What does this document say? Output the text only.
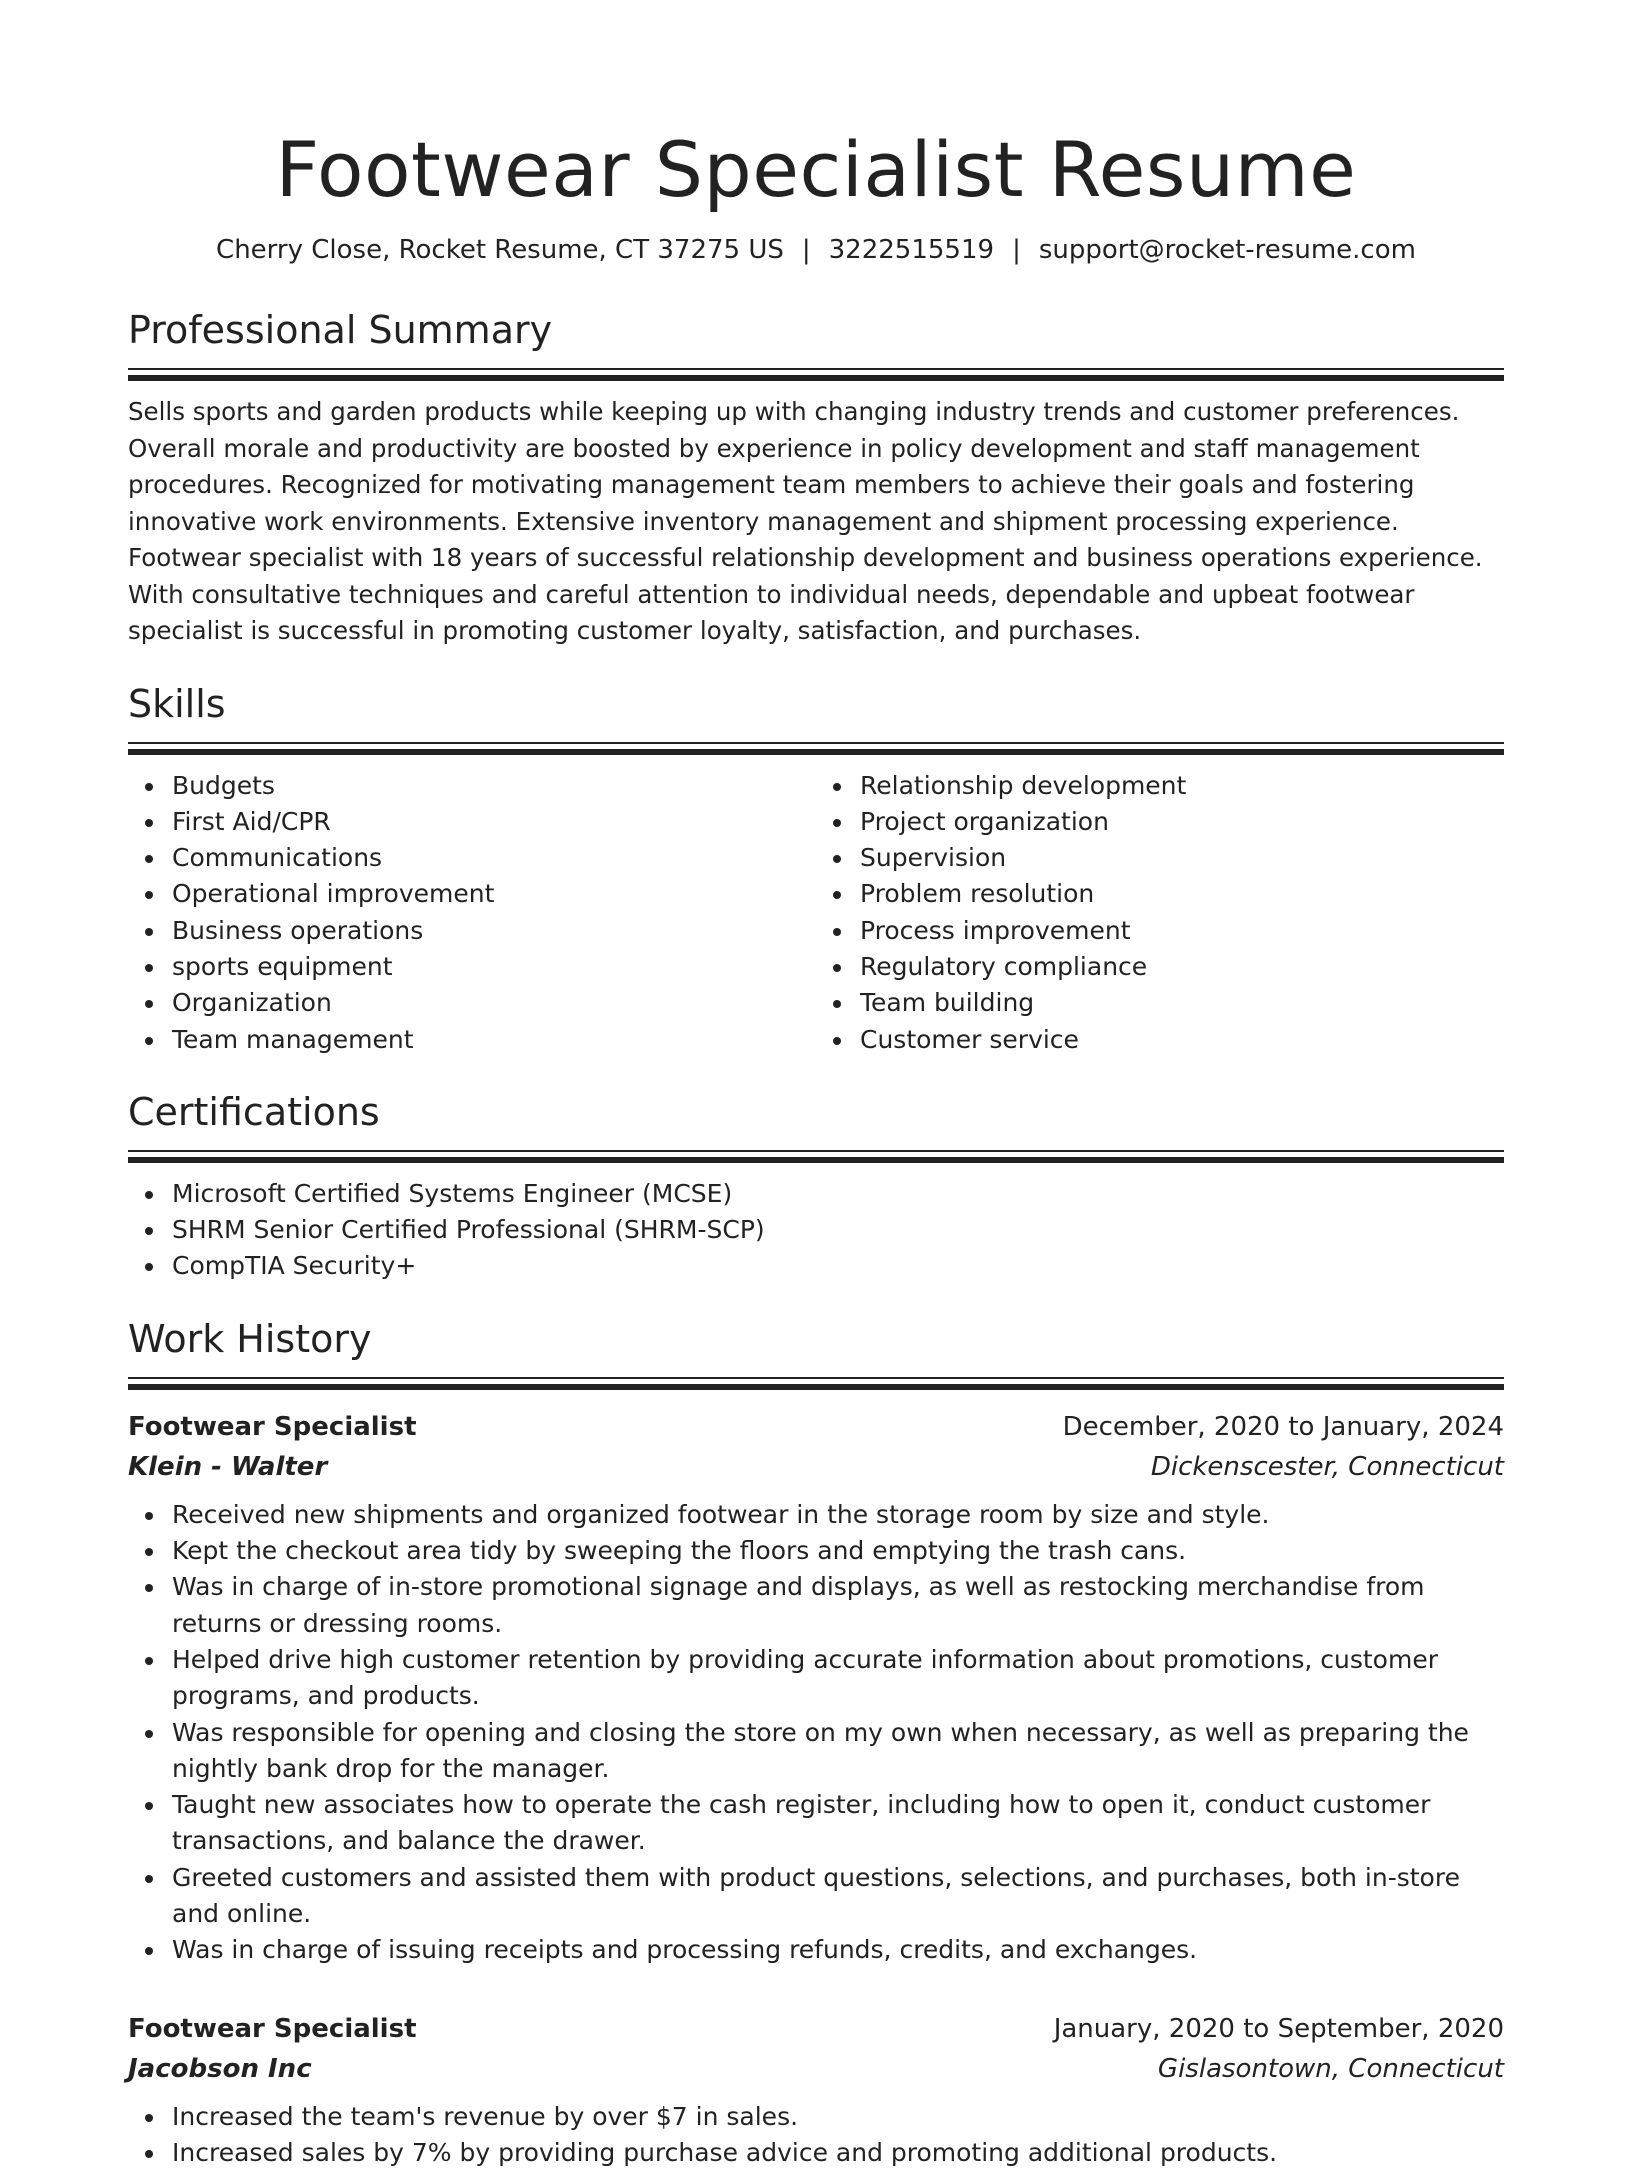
Footwear Specialist Resume
Cherry Close, Rocket Resume, CT 37275 US | 3222515519 | support@rocket-resume.com
Professional Summary
Sells sports and garden products while keeping up with changing industry trends and customer preferences. Overall morale and productivity are boosted by experience in policy development and staff management procedures. Recognized for motivating management team members to achieve their goals and fostering innovative work environments. Extensive inventory management and shipment processing experience. Footwear specialist with 18 years of successful relationship development and business operations experience. With consultative techniques and careful attention to individual needs, dependable and upbeat footwear specialist is successful in promoting customer loyalty, satisfaction, and purchases.
Skills
Budgets
First Aid/CPR
Communications
Operational improvement
Business operations
sports equipment
Organization
Team management
Relationship development
Project organization
Supervision
Problem resolution
Process improvement
Regulatory compliance
Team building
Customer service
Certifications
Microsoft Certified Systems Engineer (MCSE)
SHRM Senior Certified Professional (SHRM-SCP)
CompTIA Security+
Work History
Footwear Specialist	December, 2020 to January, 2024
Klein - Walter	Dickenscester, Connecticut
Received new shipments and organized footwear in the storage room by size and style.
Kept the checkout area tidy by sweeping the floors and emptying the trash cans.
Was in charge of in-store promotional signage and displays, as well as restocking merchandise from returns or dressing rooms.
Helped drive high customer retention by providing accurate information about promotions, customer programs, and products.
Was responsible for opening and closing the store on my own when necessary, as well as preparing the nightly bank drop for the manager.
Taught new associates how to operate the cash register, including how to open it, conduct customer transactions, and balance the drawer.
Greeted customers and assisted them with product questions, selections, and purchases, both in-store and online.
Was in charge of issuing receipts and processing refunds, credits, and exchanges.
Footwear Specialist	January, 2020 to September, 2020
Jacobson Inc	Gislasontown, Connecticut
Increased the team's revenue by over $7 in sales.
Increased sales by 7% by providing purchase advice and promoting additional products.
